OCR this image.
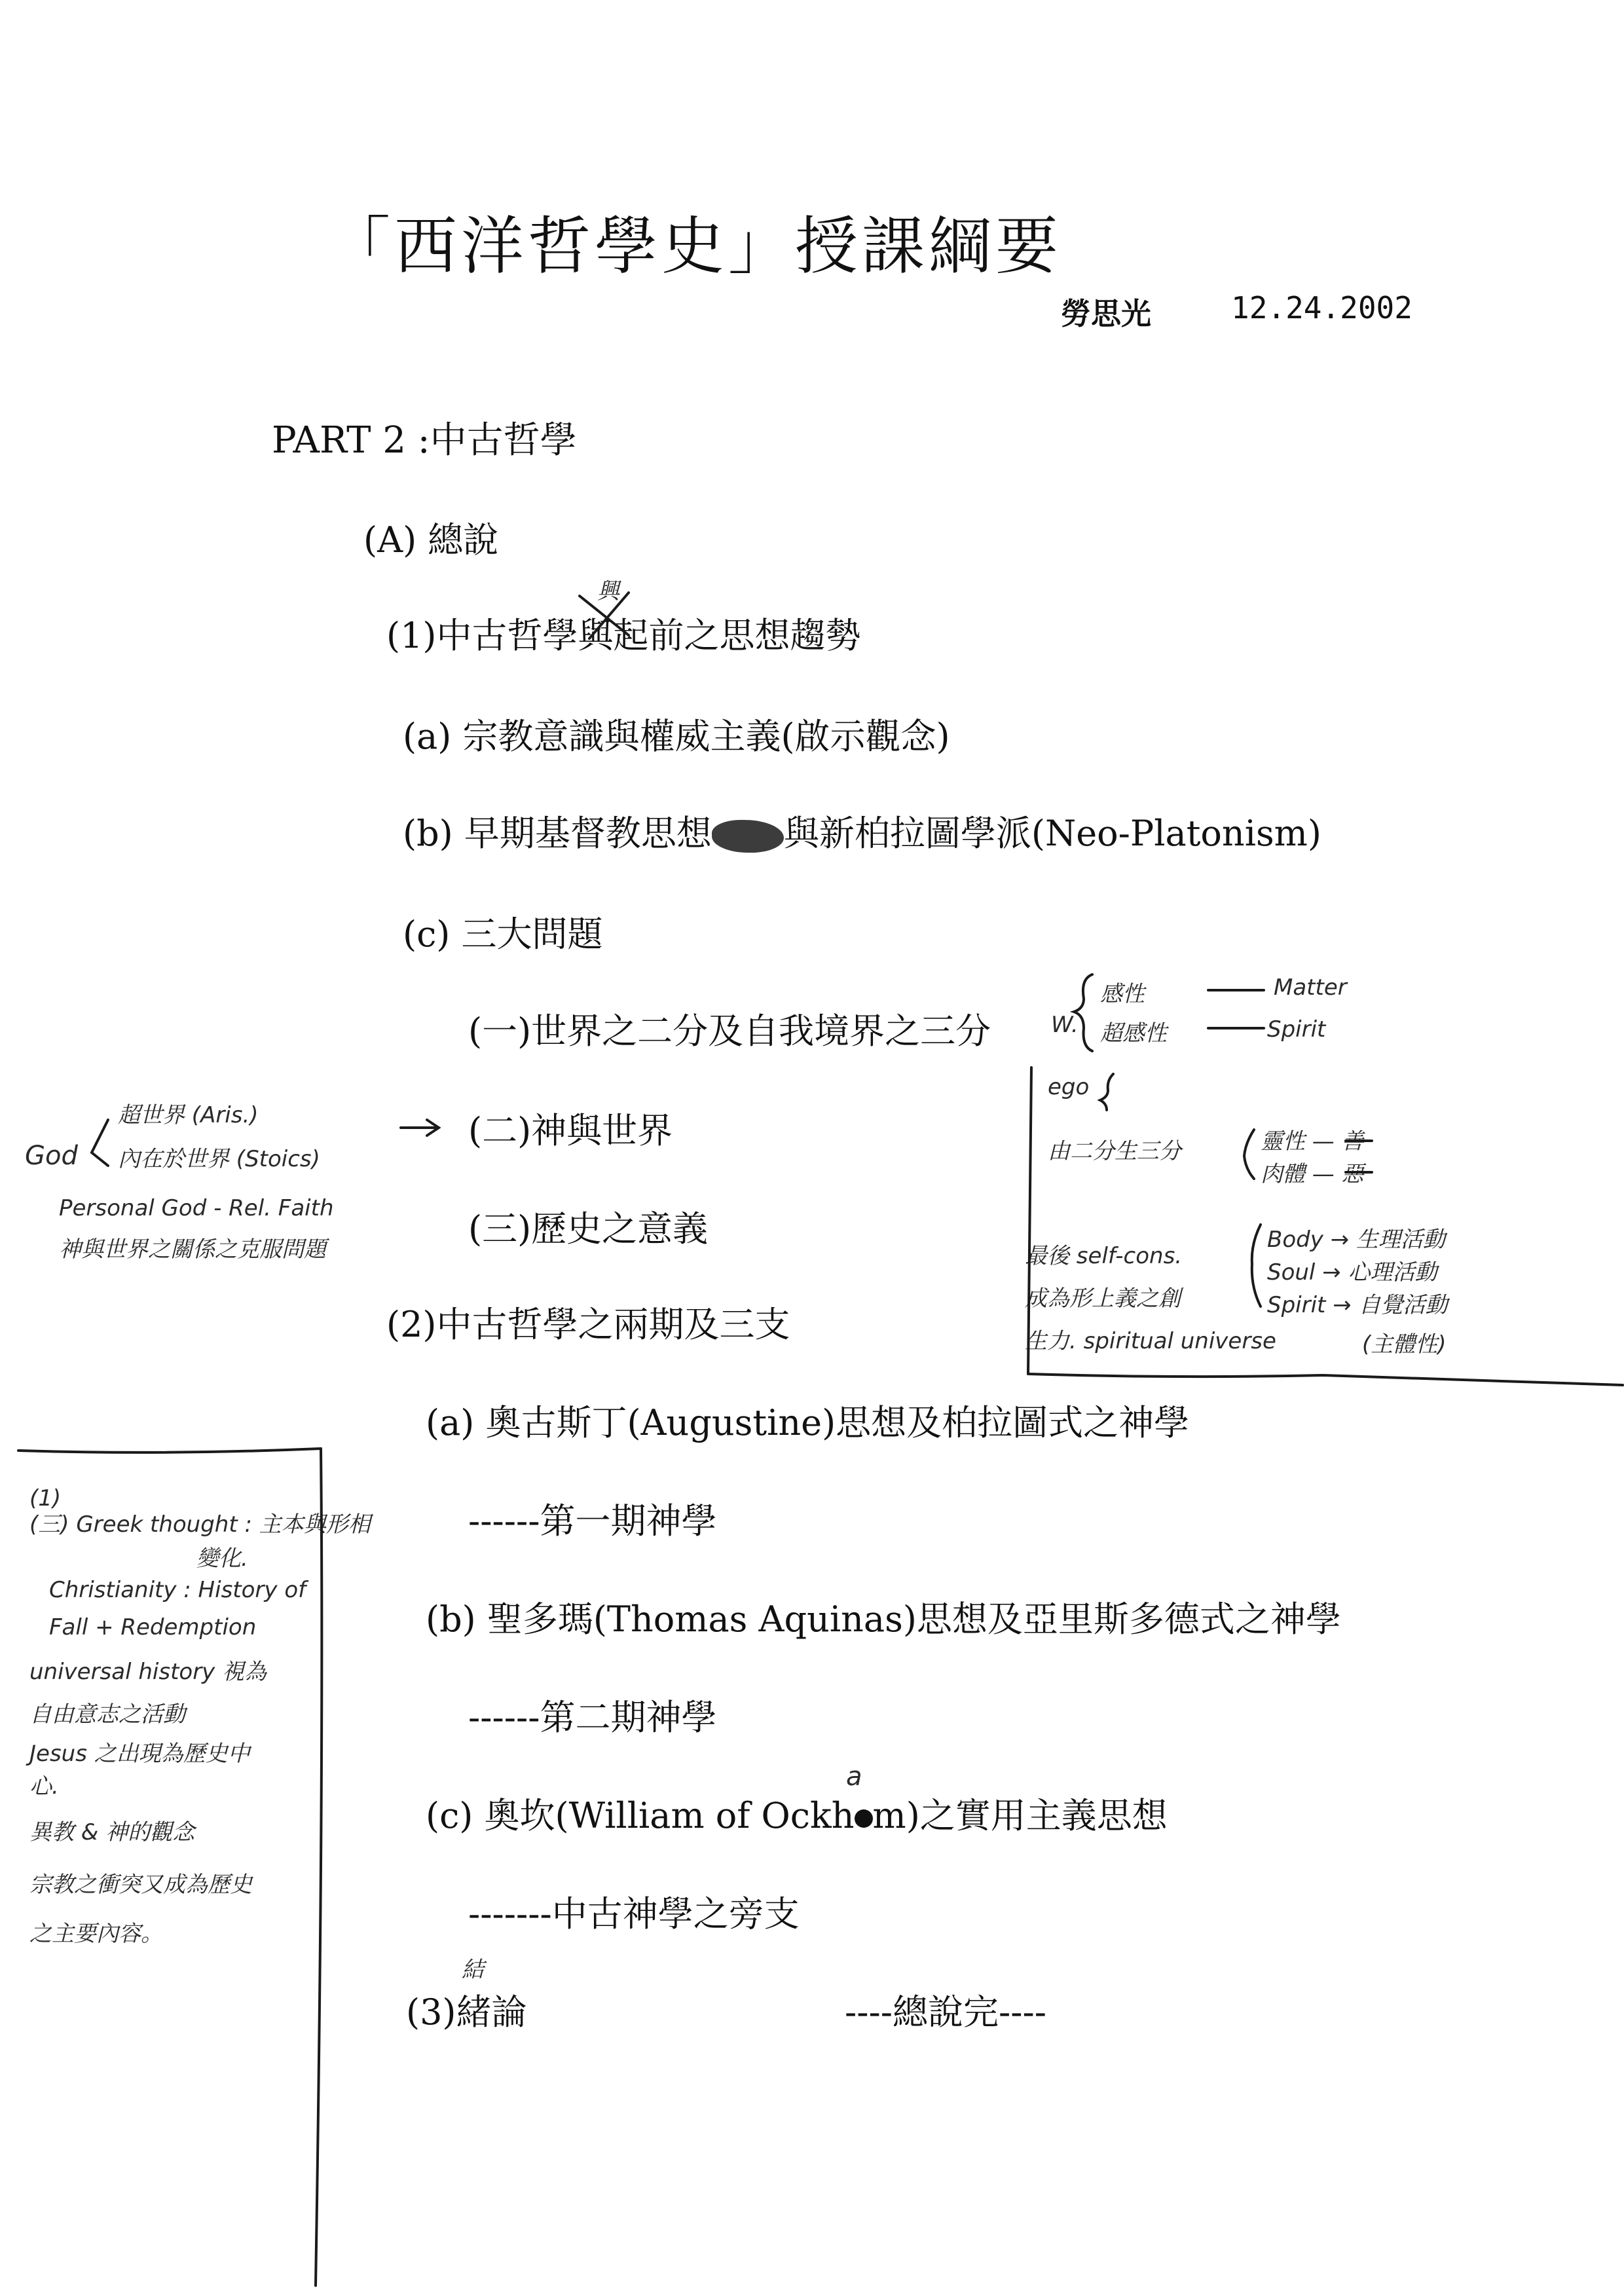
「西洋哲學史」授課綱要
勞思光	12.24.2002
PART 2 :中古哲學
(A) 總說
(1)中古哲學與起前之思想趨勢
興
(a) 宗教意識與權威主義(啟示觀念)
(b) 早期基督教思想 與新柏拉圖學派(Neo-Platonism)
(c) 三大問題
(一)世界之二分及自我境界之三分
(二)神與世界
(三)歷史之意義
(2)中古哲學之兩期及三支
(a) 奧古斯丁(Augustine)思想及柏拉圖式之神學
------第一期神學
(b) 聖多瑪(Thomas Aquinas)思想及亞里斯多德式之神學
------第二期神學
(c) 奧坎(William of Ockh m)之實用主義思想
a
-------中古神學之旁支
(3)緒論
結
----總說完----
W.
感性	Matter
超感性	Spirit
ego
由二分生三分	靈性 — 善
肉體 — 惡
最後 self-cons.
成為形上義之創
生力. spiritual universe
Body → 生理活動
Soul → 心理活動
Spirit → 自覺活動
(主體性)
God
超世界 (Aris.)
內在於世界 (Stoics)
Personal God - Rel. Faith
神與世界之關係之克服問題
(1)
(三) Greek thought : 主本與形相
變化.
Christianity : History of
Fall + Redemption
universal history 視為
自由意志之活動
Jesus 之出現為歷史中
心.
異教 & 神的觀念
宗教之衝突又成為歷史
之主要內容。
